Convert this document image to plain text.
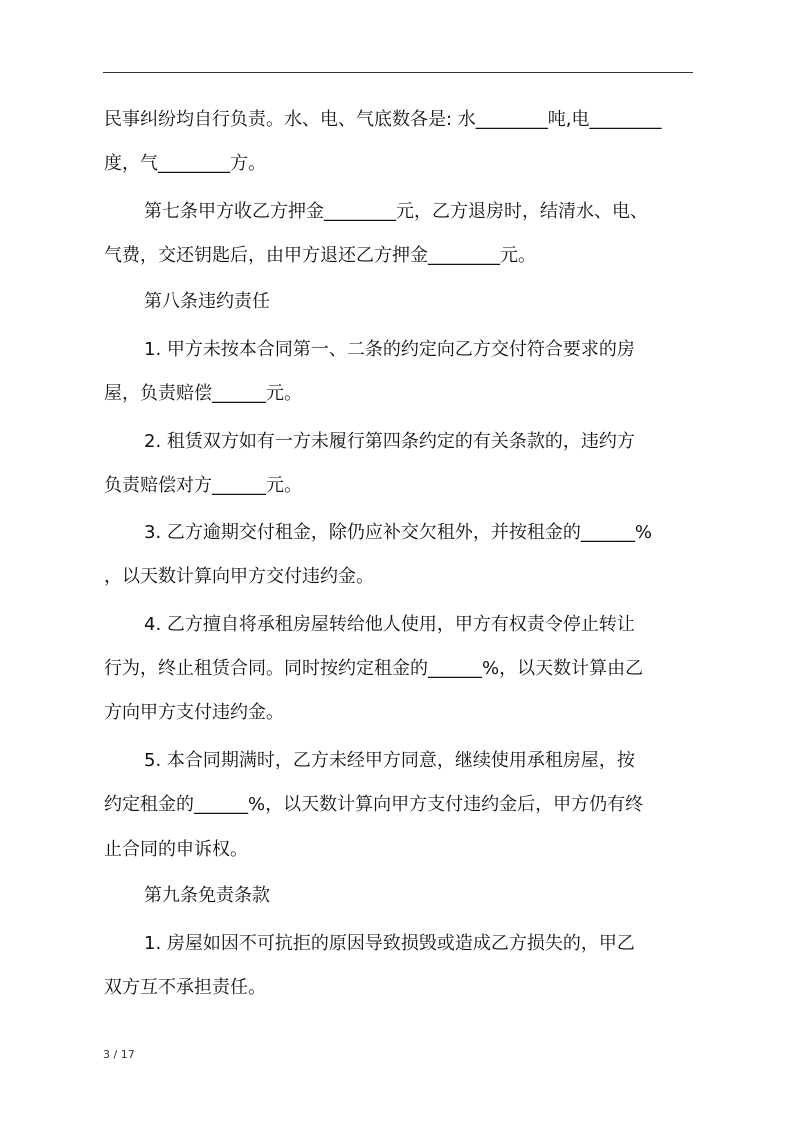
民事纠纷均自行负责。水、电、气底数各是: 水________吨,电________
度，气________方。
第七条甲方收乙方押金________元，乙方退房时，结清水、电、
气费，交还钥匙后，由甲方退还乙方押金________元。
第八条违约责任
1. 甲方未按本合同第一、二条的约定向乙方交付符合要求的房
屋，负责赔偿______元。
2. 租赁双方如有一方未履行第四条约定的有关条款的，违约方
负责赔偿对方______元。
3. 乙方逾期交付租金，除仍应补交欠租外，并按租金的______%
，以天数计算向甲方交付违约金。
4. 乙方擅自将承租房屋转给他人使用，甲方有权责令停止转让
行为，终止租赁合同。同时按约定租金的______%，以天数计算由乙
方向甲方支付违约金。
5. 本合同期满时，乙方未经甲方同意，继续使用承租房屋，按
约定租金的______%，以天数计算向甲方支付违约金后，甲方仍有终
止合同的申诉权。
第九条免责条款
1. 房屋如因不可抗拒的原因导致损毁或造成乙方损失的，甲乙
双方互不承担责任。
3 / 17
